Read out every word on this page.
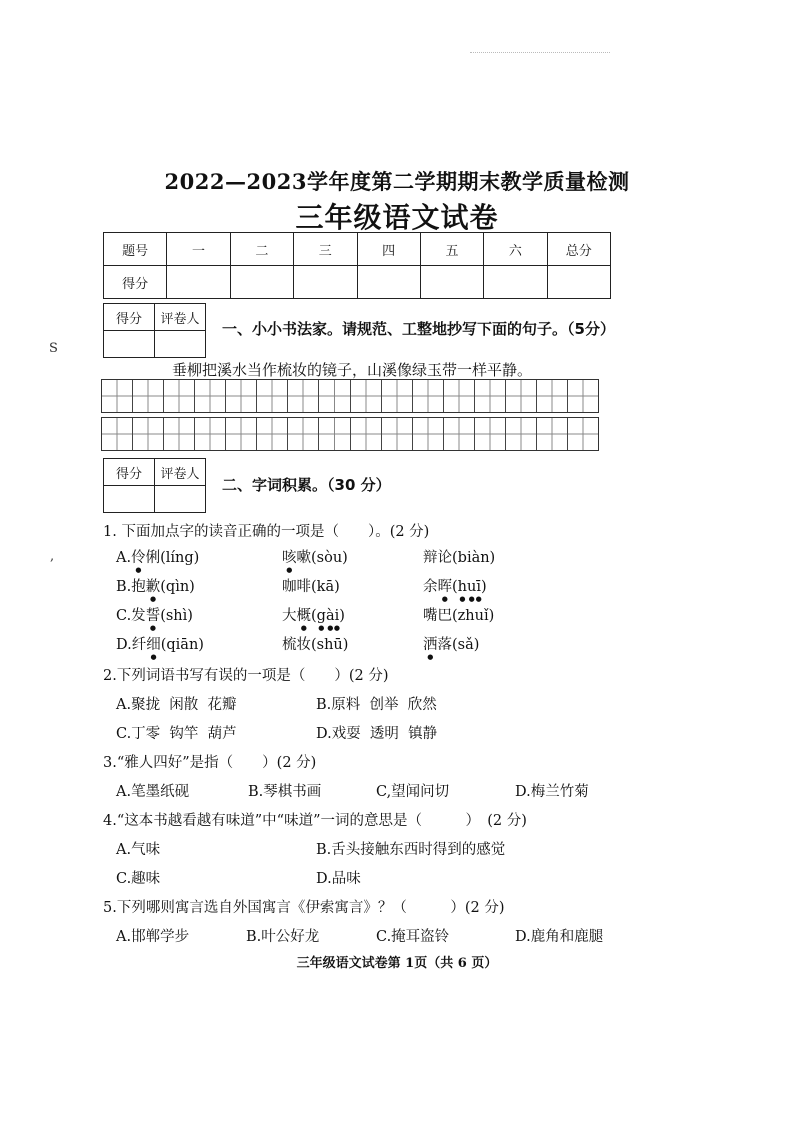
2022—2023学年度第二学期期末教学质量检测
三年级语文试卷
题号	一	二	三	四	五	六	总分
得分							
得分	评卷人

S
一、小小书法家。请规范、工整地抄写下面的句子。（5分）
垂柳把溪水当作梳妆的镜子，山溪像绿玉带一样平静。
得分	评卷人

二、字词积累。（30 分）
,
1. 下面加点字的读音正确的一项是（　　）。(2 分)
A.伶俐(líng)	咳嗽(sòu)	辩论(biàn)
B.抱歉(qìn)	咖啡(kā)	余晖(huī)
C.发誓(shì)	大概(gài)	嘴巴(zhuǐ)
D.纤细(qiān)	梳妆(shū)	洒落(sǎ)
2.下列词语书写有误的一项是（　　）(2 分)
A.聚拢  闲散  花瓣	B.原料  创举  欣然
C.丁零  钩竿  葫芦	D.戏耍  透明  镇静
3.“雅人四好”是指（　　）(2 分)
A.笔墨纸砚	B.琴棋书画	C,望闻问切	D.梅兰竹菊
4.“这本书越看越有味道”中“味道”一词的意思是（　　　）　(2 分)
A.气味	B.舌头接触东西时得到的感觉
C.趣味	D.品味
5.下列哪则寓言选自外国寓言《伊索寓言》？（　　　）(2 分)
A.邯郸学步	B.叶公好龙	C.掩耳盗铃	D.鹿角和鹿腿
三年级语文试卷第 1页（共 6 页）
